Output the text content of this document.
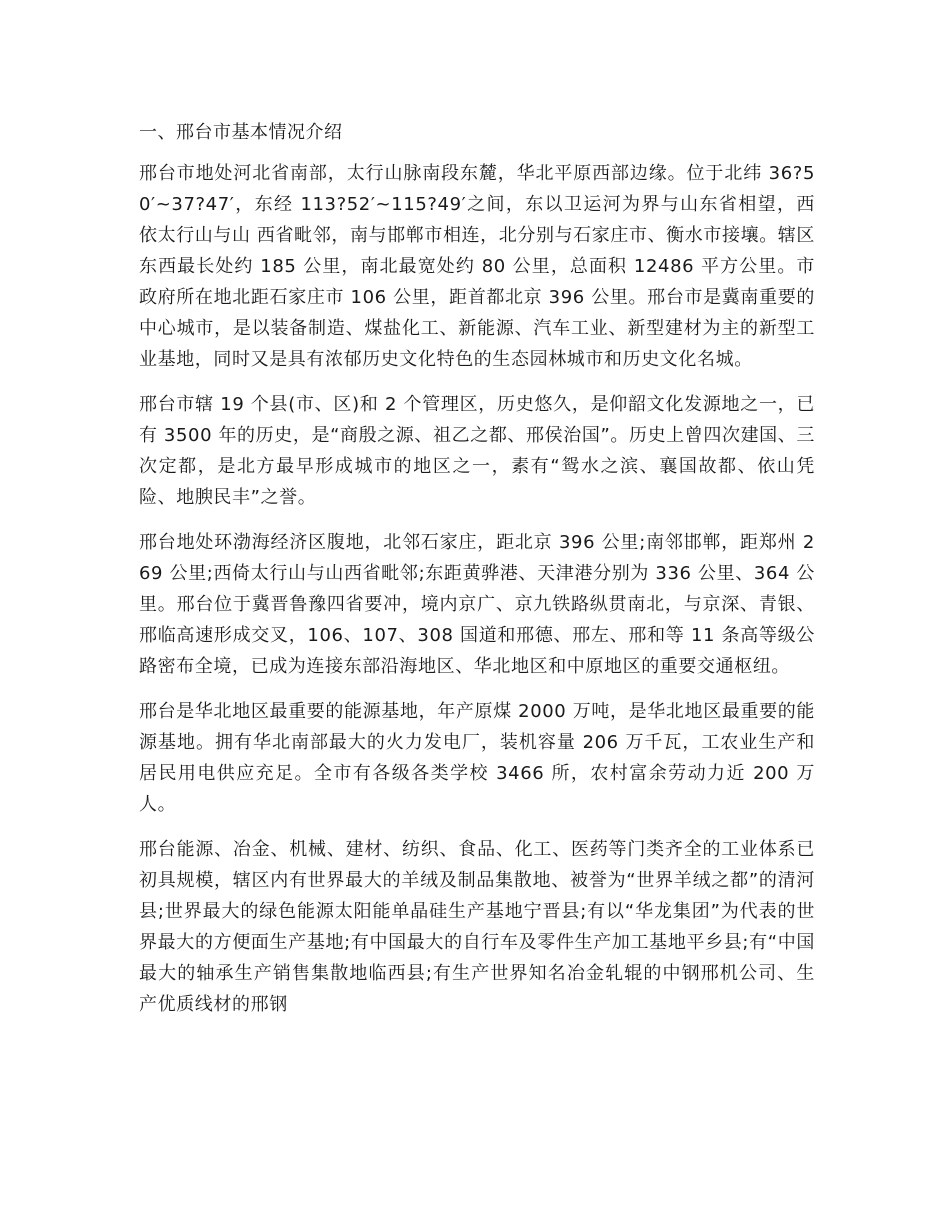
一、邢台市基本情况介绍

邢台市地处河北省南部，太行山脉南段东麓，华北平原西部边缘。位于北纬 36?50′~37?47′，东经 113?52′~115?49′之间，东以卫运河为界与山东省相望，西依太行山与山 西省毗邻，南与邯郸市相连，北分别与石家庄市、衡水市接壤。辖区东西最长处约 185 公里，南北最宽处约 80 公里，总面积 12486 平方公里。市政府所在地北距石家庄市 106 公里，距首都北京 396 公里。邢台市是冀南重要的中心城市，是以装备制造、煤盐化工、新能源、汽车工业、新型建材为主的新型工业基地，同时又是具有浓郁历史文化特色的生态园林城市和历史文化名城。

邢台市辖 19 个县(市、区)和 2 个管理区，历史悠久，是仰韶文化发源地之一，已有 3500 年的历史，是“商殷之源、祖乙之都、邢侯治国”。历史上曾四次建国、三次定都，是北方最早形成城市的地区之一，素有“鸳水之滨、襄国故都、依山凭险、地腴民丰”之誉。

邢台地处环渤海经济区腹地，北邻石家庄，距北京 396 公里;南邻邯郸，距郑州 269 公里;西倚太行山与山西省毗邻;东距黄骅港、天津港分别为 336 公里、364 公里。邢台位于冀晋鲁豫四省要冲，境内京广、京九铁路纵贯南北，与京深、青银、邢临高速形成交叉，106、107、308 国道和邢德、邢左、邢和等 11 条高等级公路密布全境，已成为连接东部沿海地区、华北地区和中原地区的重要交通枢纽。

邢台是华北地区最重要的能源基地，年产原煤 2000 万吨，是华北地区最重要的能源基地。拥有华北南部最大的火力发电厂，装机容量 206 万千瓦，工农业生产和居民用电供应充足。全市有各级各类学校 3466 所，农村富余劳动力近 200 万人。

邢台能源、冶金、机械、建材、纺织、食品、化工、医药等门类齐全的工业体系已初具规模，辖区内有世界最大的羊绒及制品集散地、被誉为“世界羊绒之都”的清河县;世界最大的绿色能源太阳能单晶硅生产基地宁晋县;有以“华龙集团”为代表的世界最大的方便面生产基地;有中国最大的自行车及零件生产加工基地平乡县;有“中国最大的轴承生产销售集散地临西县;有生产世界知名冶金轧辊的中钢邢机公司、生产优质线材的邢钢
